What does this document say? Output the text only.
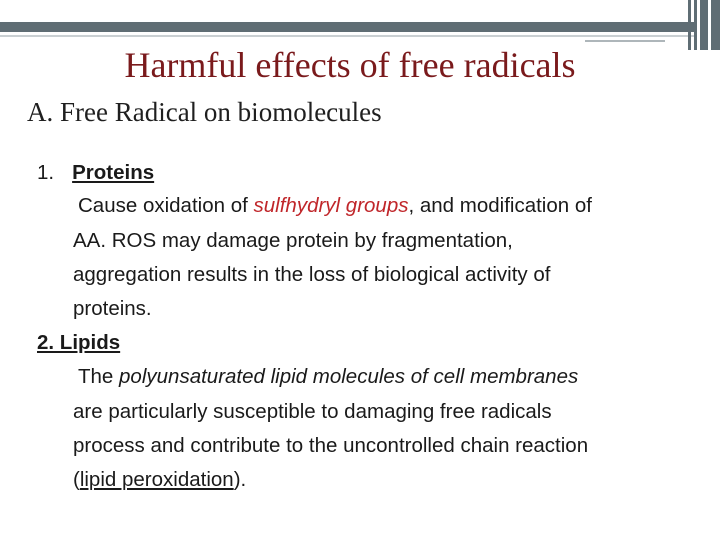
Harmful effects of free radicals
A. Free Radical on biomolecules
1. Proteins
Cause oxidation of sulfhydryl groups, and modification of
AA. ROS may damage protein by fragmentation,
aggregation results in the loss of biological activity of
proteins.
2. Lipids
The polyunsaturated lipid molecules of cell membranes
are particularly susceptible to damaging free radicals
process and contribute to the uncontrolled chain reaction
(lipid peroxidation).
